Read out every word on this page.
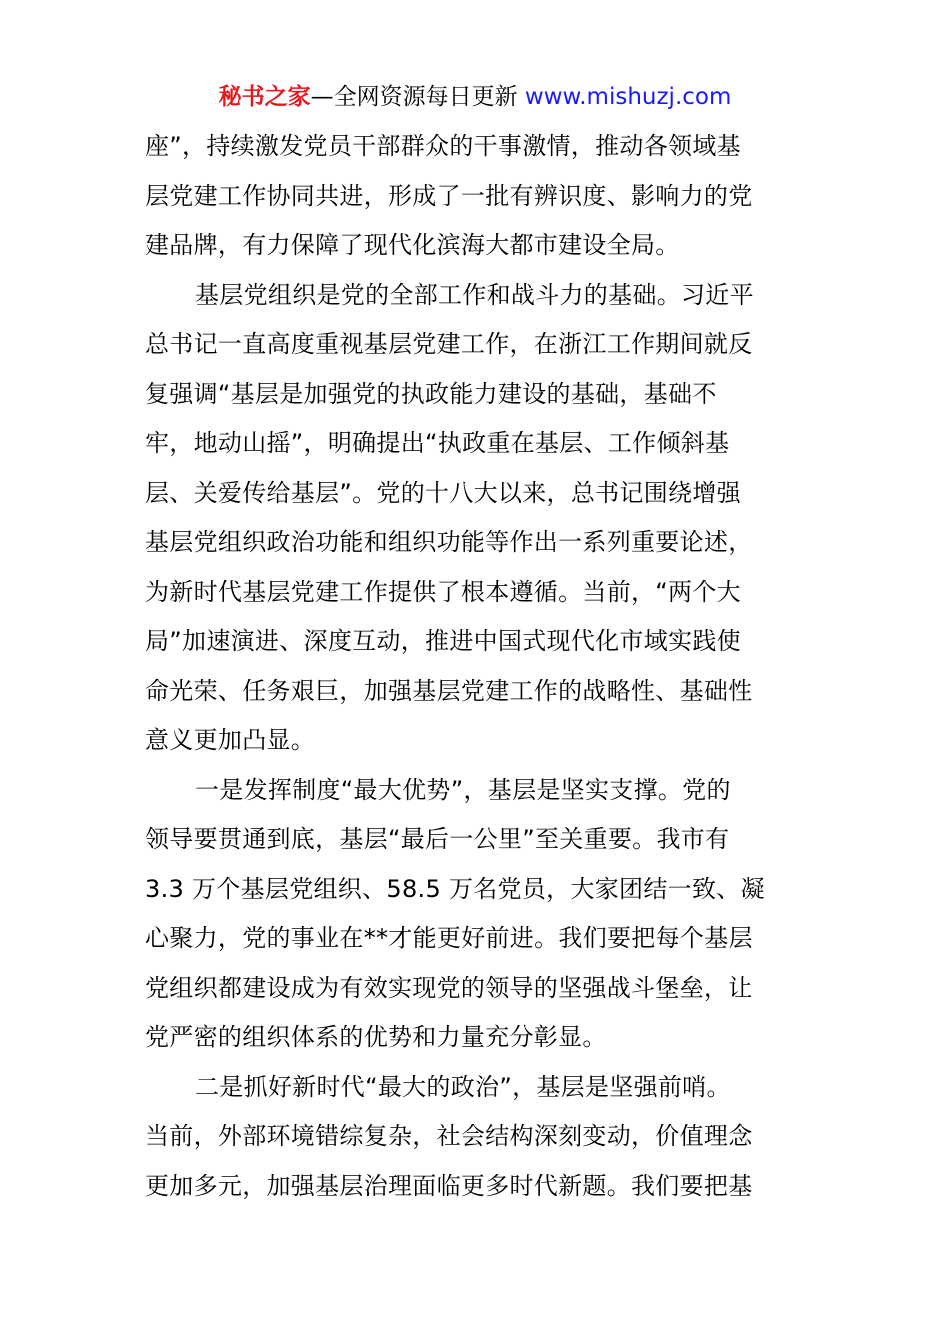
秘书之家—全网资源每日更新 www.mishuzj.com
座”，持续激发党员干部群众的干事激情，推动各领域基
层党建工作协同共进，形成了一批有辨识度、影响力的党
建品牌，有力保障了现代化滨海大都市建设全局。
基层党组织是党的全部工作和战斗力的基础。习近平
总书记一直高度重视基层党建工作，在浙江工作期间就反
复强调“基层是加强党的执政能力建设的基础，基础不
牢，地动山摇”，明确提出“执政重在基层、工作倾斜基
层、关爱传给基层”。党的十八大以来，总书记围绕增强
基层党组织政治功能和组织功能等作出一系列重要论述，
为新时代基层党建工作提供了根本遵循。当前，“两个大
局”加速演进、深度互动，推进中国式现代化市域实践使
命光荣、任务艰巨，加强基层党建工作的战略性、基础性
意义更加凸显。
一是发挥制度“最大优势”，基层是坚实支撑。党的
领导要贯通到底，基层“最后一公里”至关重要。我市有
3.3 万个基层党组织、58.5 万名党员，大家团结一致、凝
心聚力，党的事业在**才能更好前进。我们要把每个基层
党组织都建设成为有效实现党的领导的坚强战斗堡垒，让
党严密的组织体系的优势和力量充分彰显。
二是抓好新时代“最大的政治”，基层是坚强前哨。
当前，外部环境错综复杂，社会结构深刻变动，价值理念
更加多元，加强基层治理面临更多时代新题。我们要把基
